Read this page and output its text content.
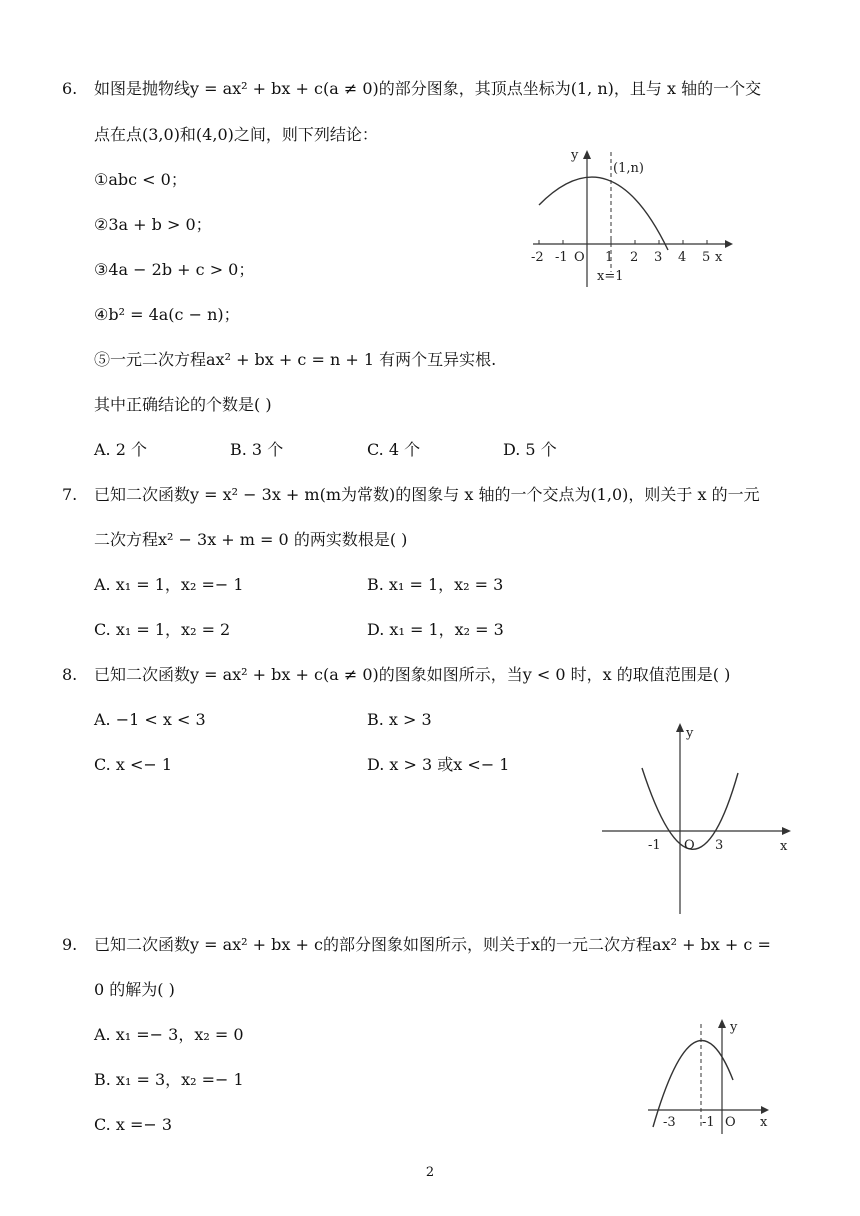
6. 如图是抛物线y = ax² + bx + c(a ≠ 0)的部分图象，其顶点坐标为(1, n)，且与 x 轴的一个交
点在点(3,0)和(4,0)之间，则下列结论：
①abc < 0；
②3a + b > 0；
③4a − 2b + c > 0；
④b² = 4a(c − n)；
⑤一元二次方程ax² + bx + c = n + 1 有两个互异实根.
其中正确结论的个数是( )
A. 2 个	B. 3 个	C. 4 个	D. 5 个
y
(1,n)
x
O
-2 -1	1 2 3 4 5
x=1
7. 已知二次函数y = x² − 3x + m(m为常数)的图象与 x 轴的一个交点为(1,0)，则关于 x 的一元
二次方程x² − 3x + m = 0 的两实数根是( )
A. x₁ = 1，x₂ =− 1	B. x₁ = 1，x₂ = 3
C. x₁ = 1，x₂ = 2	D. x₁ = 1，x₂ = 3
8. 已知二次函数y = ax² + bx + c(a ≠ 0)的图象如图所示，当y < 0 时，x 的取值范围是( )
A. −1 < x < 3	B. x > 3
C. x <− 1	D. x > 3 或x <− 1
y
x
-1 O 3
9. 已知二次函数y = ax² + bx + c的部分图象如图所示，则关于x的一元二次方程ax² + bx + c =
0 的解为( )
A. x₁ =− 3，x₂ = 0
B. x₁ = 3，x₂ =− 1
C. x =− 3
y
x
-3 -1 O
2
